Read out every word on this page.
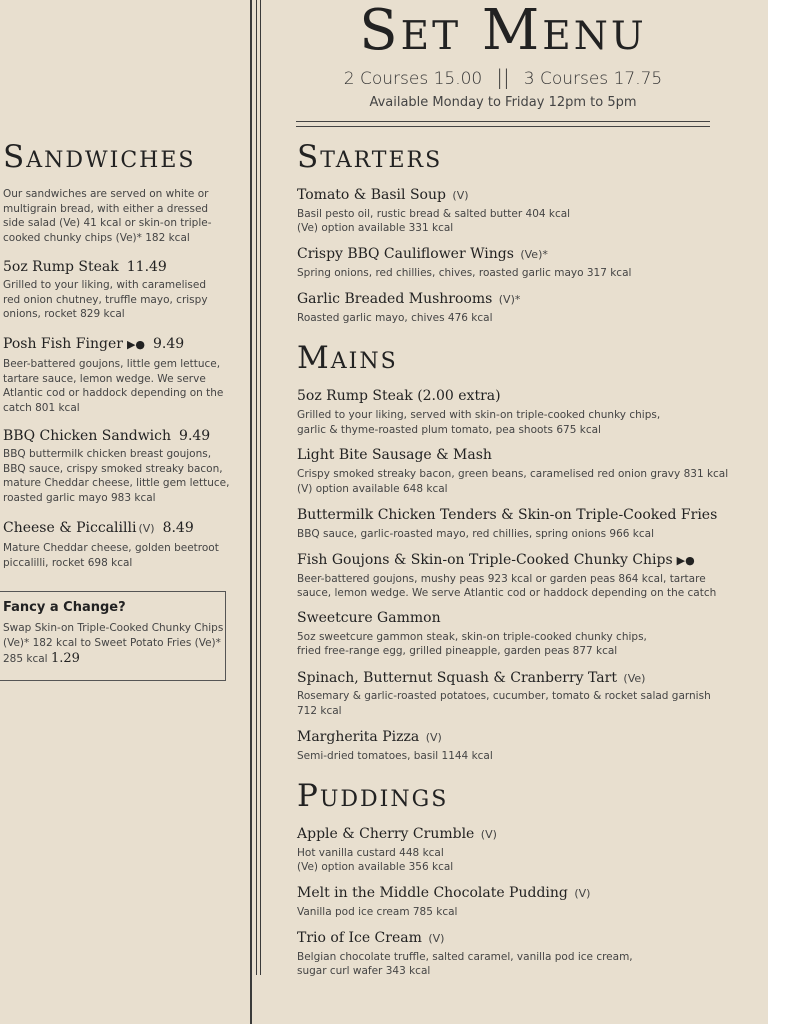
Set Menu
2 Courses 15.00 || 3 Courses 17.75
Available Monday to Friday 12pm to 5pm
Sandwiches
Our sandwiches are served on white or multigrain bread, with either a dressed side salad (Ve) 41 kcal or skin-on triple-cooked chunky chips (Ve)* 182 kcal
5oz Rump Steak 11.49
Grilled to your liking, with caramelised red onion chutney, truffle mayo, crispy onions, rocket 829 kcal
Posh Fish Finger ▶● 9.49
Beer-battered goujons, little gem lettuce, tartare sauce, lemon wedge. We serve Atlantic cod or haddock depending on the catch 801 kcal
BBQ Chicken Sandwich 9.49
BBQ buttermilk chicken breast goujons, BBQ sauce, crispy smoked streaky bacon, mature Cheddar cheese, little gem lettuce, roasted garlic mayo 983 kcal
Cheese & Piccalilli (V) 8.49
Mature Cheddar cheese, golden beetroot piccalilli, rocket 698 kcal
Fancy a Change?
Swap Skin-on Triple-Cooked Chunky Chips (Ve)* 182 kcal to Sweet Potato Fries (Ve)* 285 kcal 1.29
Starters
Tomato & Basil Soup (V)
Basil pesto oil, rustic bread & salted butter 404 kcal
(Ve) option available 331 kcal
Crispy BBQ Cauliflower Wings (Ve)*
Spring onions, red chillies, chives, roasted garlic mayo 317 kcal
Garlic Breaded Mushrooms (V)*
Roasted garlic mayo, chives 476 kcal
Mains
5oz Rump Steak (2.00 extra)
Grilled to your liking, served with skin-on triple-cooked chunky chips,
garlic & thyme-roasted plum tomato, pea shoots 675 kcal
Light Bite Sausage & Mash
Crispy smoked streaky bacon, green beans, caramelised red onion gravy 831 kcal
(V) option available 648 kcal
Buttermilk Chicken Tenders & Skin-on Triple-Cooked Fries
BBQ sauce, garlic-roasted mayo, red chillies, spring onions 966 kcal
Fish Goujons & Skin-on Triple-Cooked Chunky Chips ▶●
Beer-battered goujons, mushy peas 923 kcal or garden peas 864 kcal, tartare
sauce, lemon wedge. We serve Atlantic cod or haddock depending on the catch
Sweetcure Gammon
5oz sweetcure gammon steak, skin-on triple-cooked chunky chips,
fried free-range egg, grilled pineapple, garden peas 877 kcal
Spinach, Butternut Squash & Cranberry Tart (Ve)
Rosemary & garlic-roasted potatoes, cucumber, tomato & rocket salad garnish
712 kcal
Margherita Pizza (V)
Semi-dried tomatoes, basil 1144 kcal
Puddings
Apple & Cherry Crumble (V)
Hot vanilla custard 448 kcal
(Ve) option available 356 kcal
Melt in the Middle Chocolate Pudding (V)
Vanilla pod ice cream 785 kcal
Trio of Ice Cream (V)
Belgian chocolate truffle, salted caramel, vanilla pod ice cream,
sugar curl wafer 343 kcal
